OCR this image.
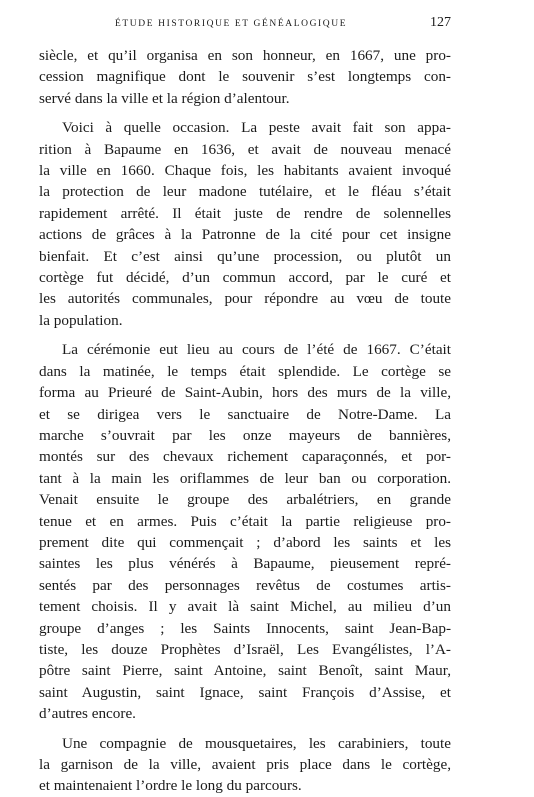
ÉTUDE HISTORIQUE ET GÉNÉALOGIQUE	127

siècle, et qu’il organisa en son honneur, en 1667, une pro-
cession magnifique dont le souvenir s’est longtemps con-
servé dans la ville et la région d’alentour.

Voici à quelle occasion. La peste avait fait son appa-
rition à Bapaume en 1636, et avait de nouveau menacé
la ville en 1660. Chaque fois, les habitants avaient invoqué
la protection de leur madone tutélaire, et le fléau s’était
rapidement arrêté. Il était juste de rendre de solennelles
actions de grâces à la Patronne de la cité pour cet insigne
bienfait. Et c’est ainsi qu’une procession, ou plutôt un
cortège fut décidé, d’un commun accord, par le curé et
les autorités communales, pour répondre au vœu de toute
la population.

La cérémonie eut lieu au cours de l’été de 1667. C’était
dans la matinée, le temps était splendide. Le cortège se
forma au Prieuré de Saint-Aubin, hors des murs de la ville,
et se dirigea vers le sanctuaire de Notre-Dame. La
marche s’ouvrait par les onze mayeurs de bannières,
montés sur des chevaux richement caparaçonnés, et por-
tant à la main les oriflammes de leur ban ou corporation.
Venait ensuite le groupe des arbalétriers, en grande
tenue et en armes. Puis c’était la partie religieuse pro-
prement dite qui commençait ; d’abord les saints et les
saintes les plus vénérés à Bapaume, pieusement repré-
sentés par des personnages revêtus de costumes artis-
tement choisis. Il y avait là saint Michel, au milieu d’un
groupe d’anges ; les Saints Innocents, saint Jean-Bap-
tiste, les douze Prophètes d’Israël, Les Evangélistes, l’A-
pôtre saint Pierre, saint Antoine, saint Benoît, saint Maur,
saint Augustin, saint Ignace, saint François d’Assise, et
d’autres encore.

Une compagnie de mousquetaires, les carabiniers, toute
la garnison de la ville, avaient pris place dans le cortège,
et maintenaient l’ordre le long du parcours.
